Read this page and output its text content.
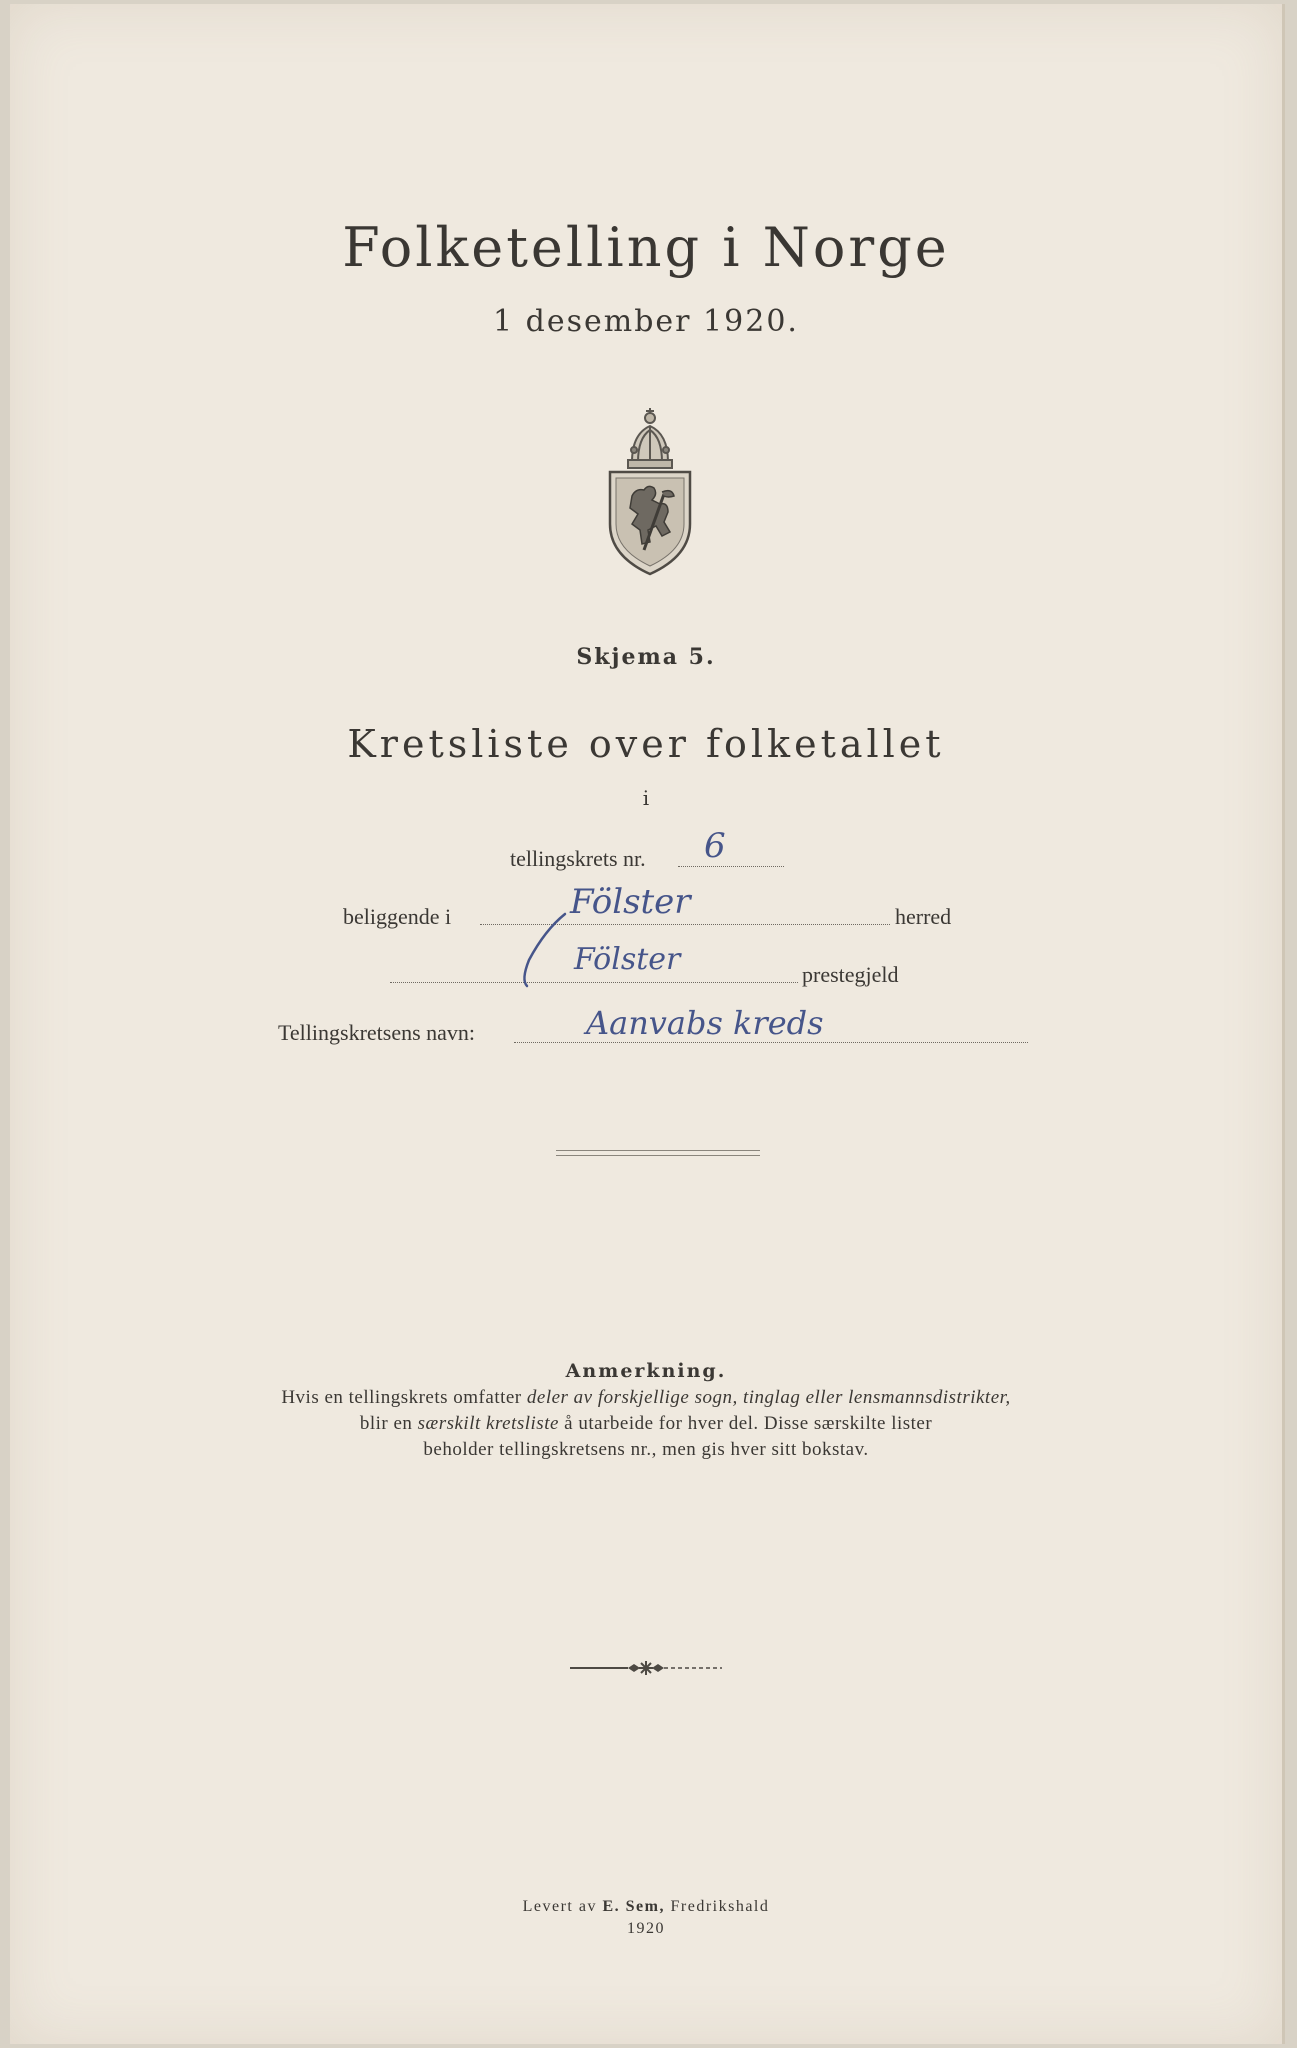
Folketelling i Norge
1 desember 1920.
Skjema 5.
Kretsliste over folketallet
i
tellingskrets nr. 6
beliggende i	Fölster	herred
Fölster	prestegjeld
Tellingskretsens navn:	Aanvabs kreds
Anmerkning.
Hvis en tellingskrets omfatter deler av forskjellige sogn, tinglag eller lensmannsdistrikter,
blir en særskilt kretsliste å utarbeide for hver del. Disse særskilte lister
beholder tellingskretsens nr., men gis hver sitt bokstav.
Levert av E. Sem, Fredrikshald
1920
